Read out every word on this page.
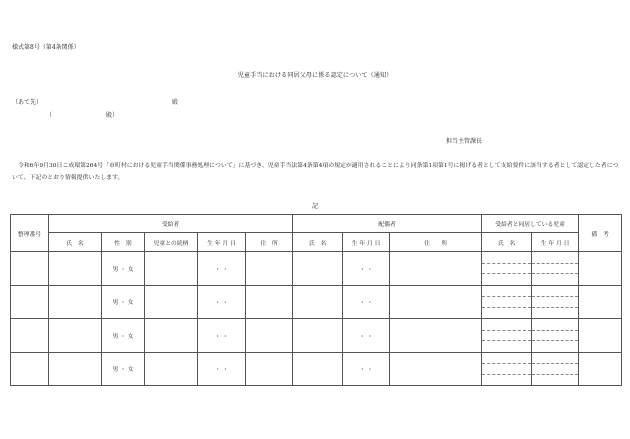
様式第8号（第4条関係）
児童手当における同居父母に係る認定について（通知）
（あて先）	殿
（	殿）
担当主管課長
令和6年9月30日こ成環第264号「市町村における児童手当関係事務処理について」に基づき、児童手当法第4条第4項の規定が適用されることにより同条第1項第1号に掲げる者として支給要件に該当する者として認定した者について、下記のとおり情報提供いたします。
記
整理番号	受給者					配偶者			受給者と同居している児童		備　考
	氏　名	性　別	児童との続柄	生 年 月 日	住　所	氏　名	生 年 月 日	住　　所	氏　名	生 年 月 日	
		男 ・ 女		・ ・			・ ・		

		男 ・ 女		・ ・			・ ・		

		男 ・ 女		・ ・			・ ・		

		男 ・ 女		・ ・			・ ・		
